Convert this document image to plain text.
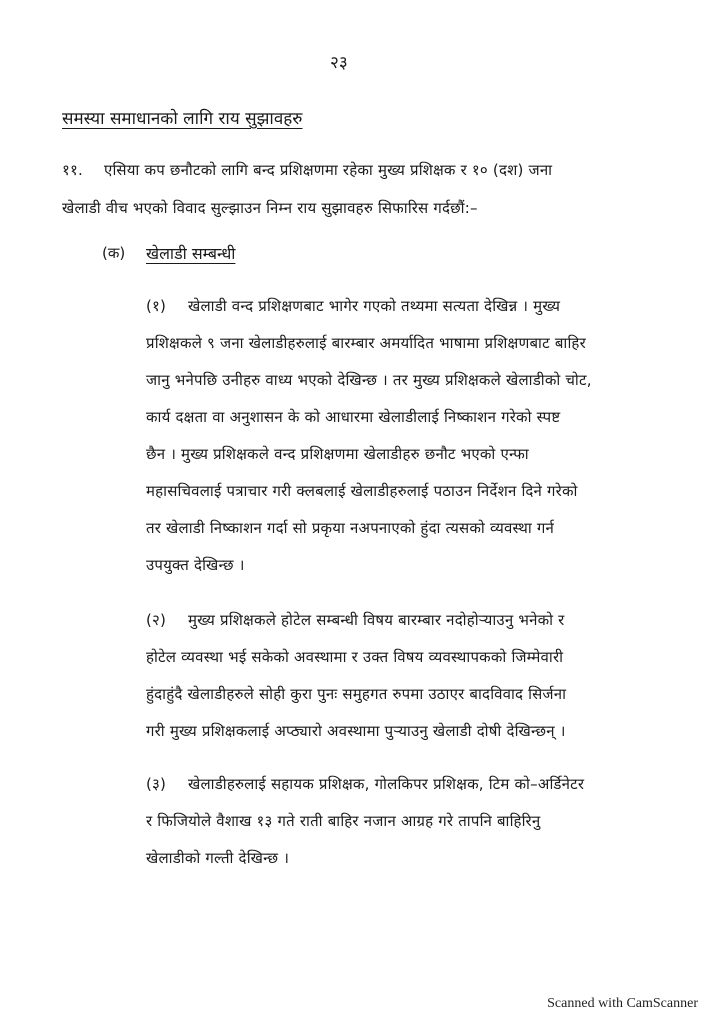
२३
समस्या समाधानको लागि राय सुझावहरु
११. एसिया कप छनौटको लागि बन्द प्रशिक्षणमा रहेका मुख्य प्रशिक्षक र १० (दश) जना
खेलाडी वीच भएको विवाद सुल्झाउन निम्न राय सुझावहरु सिफारिस गर्दछौं:–
(क) खेलाडी सम्बन्धी
(१) खेलाडी वन्द प्रशिक्षणबाट भागेर गएको तथ्यमा सत्यता देखिन्न । मुख्य
प्रशिक्षकले ९ जना खेलाडीहरुलाई बारम्बार अमर्यादित भाषामा प्रशिक्षणबाट बाहिर
जानु भनेपछि उनीहरु वाध्य भएको देखिन्छ । तर मुख्य प्रशिक्षकले खेलाडीको चोट,
कार्य दक्षता वा अनुशासन के को आधारमा खेलाडीलाई निष्काशन गरेको स्पष्ट
छैन । मुख्य प्रशिक्षकले वन्द प्रशिक्षणमा खेलाडीहरु छनौट भएको एन्फा
महासचिवलाई पत्राचार गरी क्लबलाई खेलाडीहरुलाई पठाउन निर्देशन दिने गरेको
तर खेलाडी निष्काशन गर्दा सो प्रकृया नअपनाएको हुंदा त्यसको व्यवस्था गर्न
उपयुक्त देखिन्छ ।
(२) मुख्य प्रशिक्षकले होटेल सम्बन्धी विषय बारम्बार नदोहोऱ्याउनु भनेको र
होटेल व्यवस्था भई सकेको अवस्थामा र उक्त विषय व्यवस्थापकको जिम्मेवारी
हुंदाहुंदै खेलाडीहरुले सोही कुरा पुनः समुहगत रुपमा उठाएर बादविवाद सिर्जना
गरी मुख्य प्रशिक्षकलाई अप्ठ्यारो अवस्थामा पुऱ्याउनु खेलाडी दोषी देखिन्छन् ।
(३) खेलाडीहरुलाई सहायक प्रशिक्षक, गोलकिपर प्रशिक्षक, टिम को–अर्डिनेटर
र फिजियोले वैशाख १३ गते राती बाहिर नजान आग्रह गरे तापनि बाहिरिनु
खेलाडीको गल्ती देखिन्छ ।
Scanned with CamScanner
